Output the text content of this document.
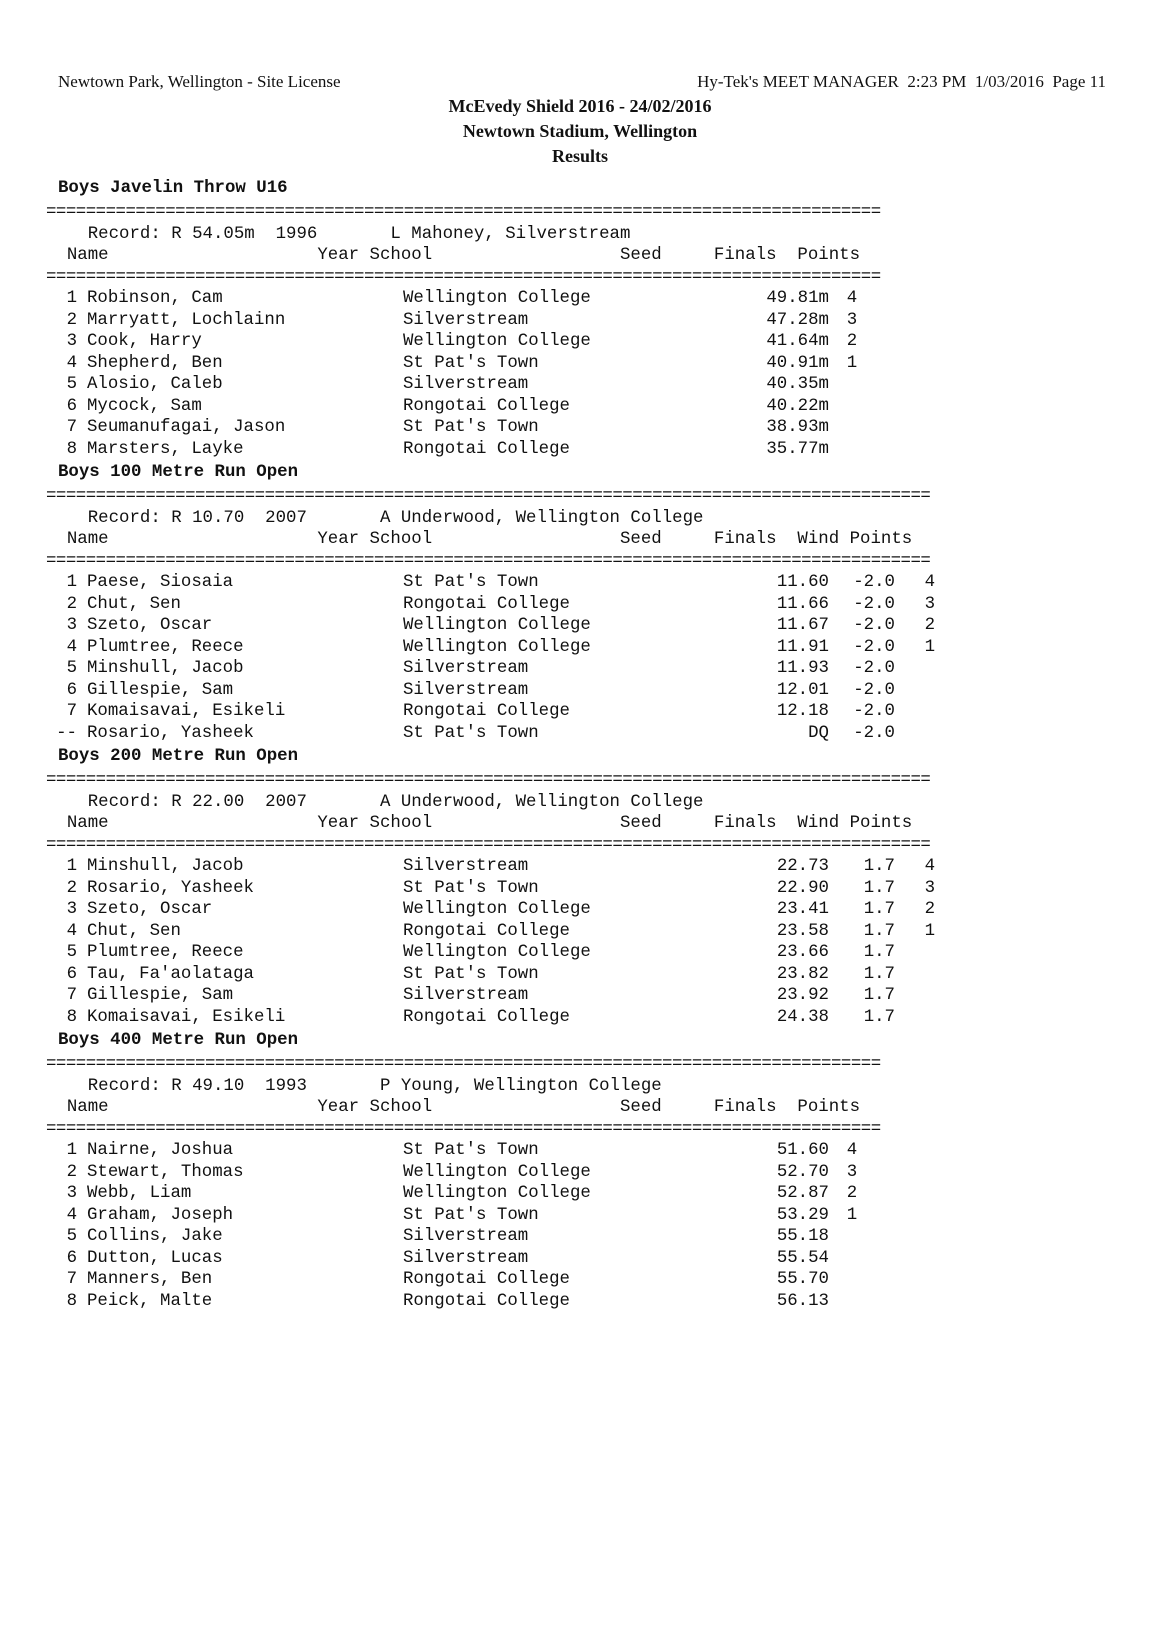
Newtown Park, Wellington - Site License	Hy-Tek's MEET MANAGER  2:23 PM  1/03/2016  Page 11
McEvedy Shield 2016 - 24/02/2016
Newtown Stadium, Wellington
Results
Boys Javelin Throw U16
====================================================================================
Record: R 54.05m  1996       L Mahoney, Silverstream
Name                    Year School                  Seed     Finals  Points
====================================================================================
1 Robinson, Cam	Wellington College	49.81m 4
2 Marryatt, Lochlainn	Silverstream	47.28m 3
3 Cook, Harry	Wellington College	41.64m 2
4 Shepherd, Ben	St Pat's Town	40.91m 1
5 Alosio, Caleb	Silverstream	40.35m
6 Mycock, Sam	Rongotai College	40.22m
7 Seumanufagai, Jason	St Pat's Town	38.93m
8 Marsters, Layke	Rongotai College	35.77m
Boys 100 Metre Run Open
=========================================================================================
Record: R 10.70  2007       A Underwood, Wellington College
Name                    Year School                  Seed     Finals  Wind Points
=========================================================================================
1 Paese, Siosaia	St Pat's Town	11.60 -2.0 4
2 Chut, Sen	Rongotai College	11.66 -2.0 3
3 Szeto, Oscar	Wellington College	11.67 -2.0 2
4 Plumtree, Reece	Wellington College	11.91 -2.0 1
5 Minshull, Jacob	Silverstream	11.93 -2.0
6 Gillespie, Sam	Silverstream	12.01 -2.0
7 Komaisavai, Esikeli	Rongotai College	12.18 -2.0
-- Rosario, Yasheek	St Pat's Town	DQ -2.0
Boys 200 Metre Run Open
=========================================================================================
Record: R 22.00  2007       A Underwood, Wellington College
Name                    Year School                  Seed     Finals  Wind Points
=========================================================================================
1 Minshull, Jacob	Silverstream	22.73 1.7 4
2 Rosario, Yasheek	St Pat's Town	22.90 1.7 3
3 Szeto, Oscar	Wellington College	23.41 1.7 2
4 Chut, Sen	Rongotai College	23.58 1.7 1
5 Plumtree, Reece	Wellington College	23.66 1.7
6 Tau, Fa'aolataga	St Pat's Town	23.82 1.7
7 Gillespie, Sam	Silverstream	23.92 1.7
8 Komaisavai, Esikeli	Rongotai College	24.38 1.7
Boys 400 Metre Run Open
====================================================================================
Record: R 49.10  1993       P Young, Wellington College
Name                    Year School                  Seed     Finals  Points
====================================================================================
1 Nairne, Joshua	St Pat's Town	51.60 4
2 Stewart, Thomas	Wellington College	52.70 3
3 Webb, Liam	Wellington College	52.87 2
4 Graham, Joseph	St Pat's Town	53.29 1
5 Collins, Jake	Silverstream	55.18
6 Dutton, Lucas	Silverstream	55.54
7 Manners, Ben	Rongotai College	55.70
8 Peick, Malte	Rongotai College	56.13
